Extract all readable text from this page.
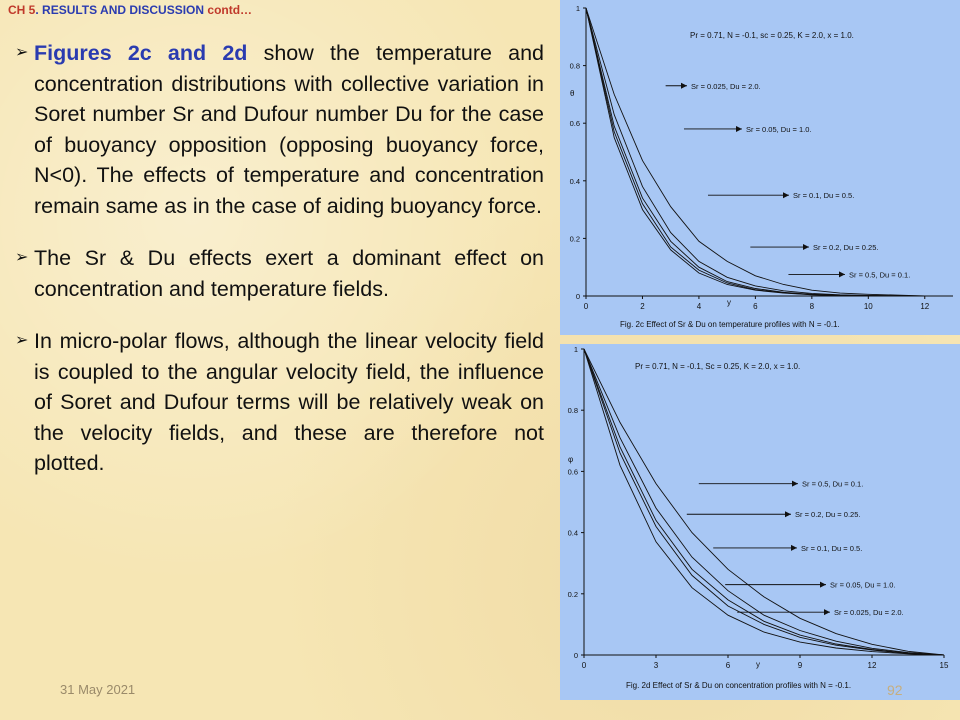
CH 5. RESULTS AND DISCUSSION contd…
➢ Figures 2c and 2d show the temperature and concentration distributions with collective variation in Soret number Sr and Dufour number Du for the case of buoyancy opposition (opposing buoyancy force, N<0). The effects of temperature and concentration remain same as in the case of aiding buoyancy force.
➢ The Sr & Du effects exert a dominant effect on concentration and temperature fields.
➢ In micro-polar flows, although the linear velocity field is coupled to the angular velocity field, the influence of Soret and Dufour terms will be relatively weak on the velocity fields, and these are therefore not plotted.
0
0.2
0.4
0.6
0.8
1
0	2	4	6	8	10	12
θ
y
Pr = 0.71, N = -0.1, sc = 0.25, K = 2.0, x = 1.0.
Fig. 2c Effect of Sr & Du on temperature profiles with N = -0.1.
Sr = 0.025, Du = 2.0.
Sr = 0.05, Du = 1.0.
Sr = 0.1, Du = 0.5.
Sr = 0.2, Du = 0.25.
Sr = 0.5, Du = 0.1.
0
0.2
0.4
0.6
0.8
1
0	3	6	9	12	15
φ
y
Pr = 0.71, N = -0.1, Sc = 0.25, K = 2.0, x = 1.0.
Fig. 2d Effect of Sr & Du on concentration profiles with N = -0.1.
Sr = 0.5, Du = 0.1.
Sr = 0.2, Du = 0.25.
Sr = 0.1, Du = 0.5.
Sr = 0.05, Du = 1.0.
Sr = 0.025, Du = 2.0.
31 May 2021	92
